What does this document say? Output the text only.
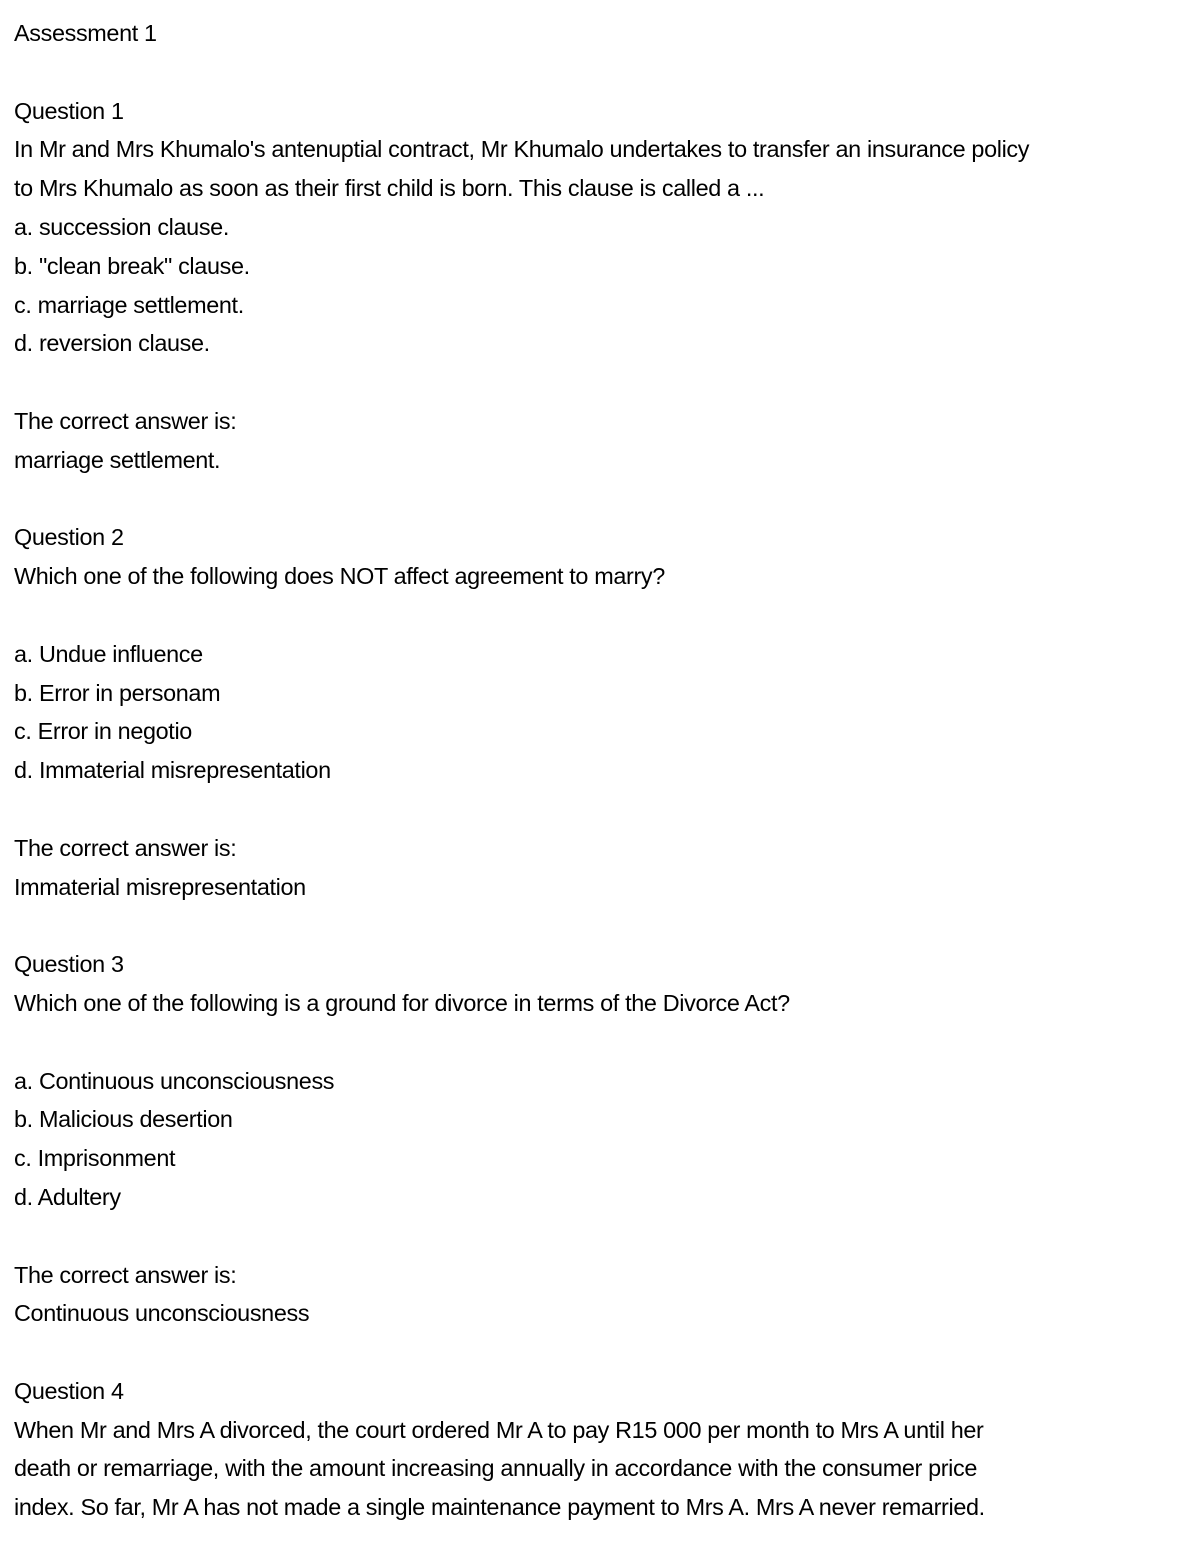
Assessment 1
Question 1
In Mr and Mrs Khumalo's antenuptial contract, Mr Khumalo undertakes to transfer an insurance policy
to Mrs Khumalo as soon as their first child is born. This clause is called a ...
a. succession clause.
b. "clean break" clause.
c. marriage settlement.
d. reversion clause.
The correct answer is:
marriage settlement.
Question 2
Which one of the following does NOT affect agreement to marry?
a. Undue influence
b. Error in personam
c. Error in negotio
d. Immaterial misrepresentation
The correct answer is:
Immaterial misrepresentation
Question 3
Which one of the following is a ground for divorce in terms of the Divorce Act?
a. Continuous unconsciousness
b. Malicious desertion
c. Imprisonment
d. Adultery
The correct answer is:
Continuous unconsciousness
Question 4
When Mr and Mrs A divorced, the court ordered Mr A to pay R15 000 per month to Mrs A until her
death or remarriage, with the amount increasing annually in accordance with the consumer price
index. So far, Mr A has not made a single maintenance payment to Mrs A. Mrs A never remarried.
